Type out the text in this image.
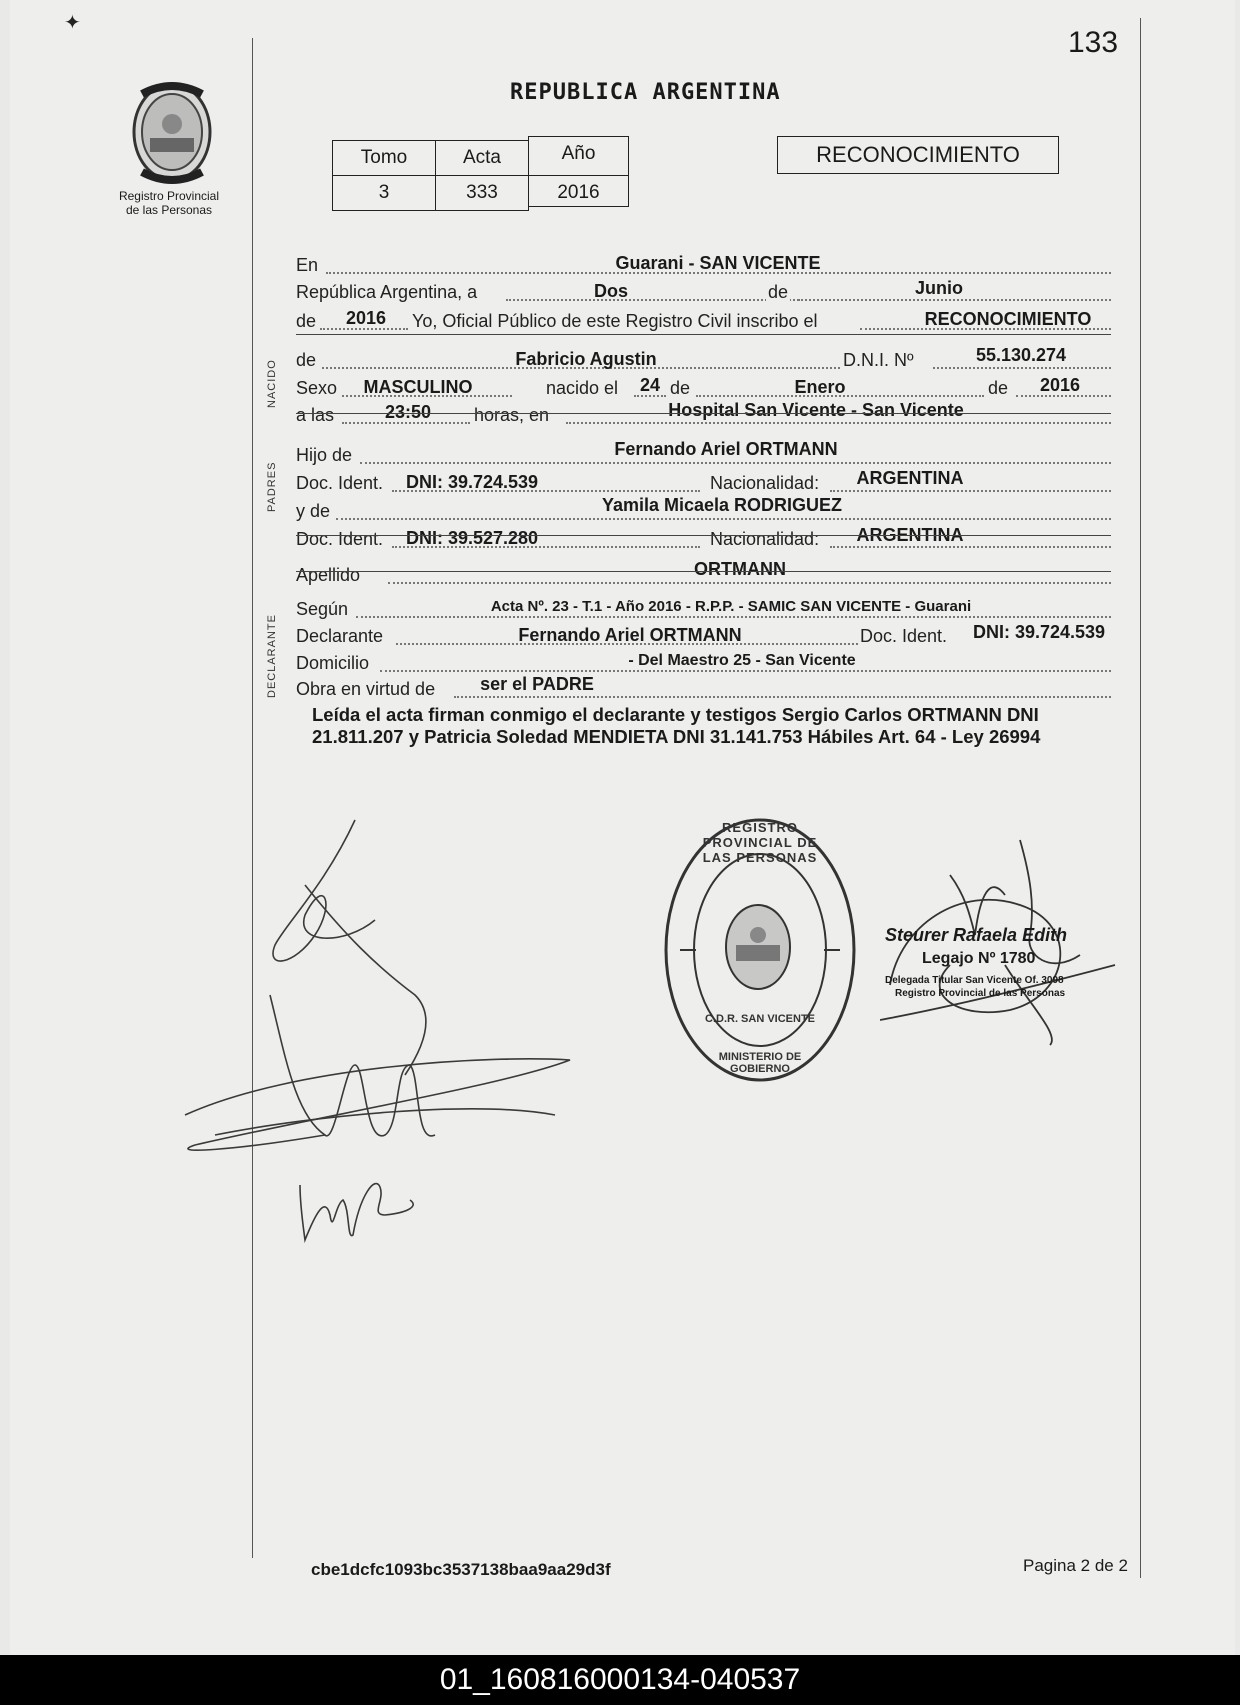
✦
133
Registro Provincial
de las Personas
REPUBLICA ARGENTINA
Tomo	Acta	Año
3	333	2016
RECONOCIMIENTO
En	Guarani - SAN VICENTE
República Argentina, a	Dos	de	Junio
de 2016 Yo, Oficial Público de este Registro Civil inscribo el	RECONOCIMIENTO
de	Fabricio Agustin	D.N.I. Nº	55.130.274
Sexo MASCULINO	nacido el 24 de	Enero	de 2016
a las	23:50 horas, en	Hospital San Vicente - San Vicente
Hijo de	Fernando Ariel ORTMANN
Doc. Ident. DNI: 39.724.539	Nacionalidad: ARGENTINA
y de	Yamila Micaela RODRIGUEZ
Doc. Ident. DNI: 39.527.280	Nacionalidad: ARGENTINA
Apellido	ORTMANN
Según	Acta Nº. 23 - T.1 - Año 2016 - R.P.P. - SAMIC SAN VICENTE - Guarani
Declarante	Fernando Ariel ORTMANN	Doc. Ident. DNI: 39.724.539
Domicilio	- Del Maestro 25 - San Vicente
Obra en virtud de	ser el PADRE
NACIDO
PADRES
DECLARANTE
Leída el acta firman conmigo el declarante y testigos Sergio Carlos ORTMANN DNI 21.811.207 y Patricia Soledad MENDIETA DNI 31.141.753 Hábiles Art. 64 - Ley 26994
REGISTRO PROVINCIAL DE LAS PERSONAS
C.D.R. SAN VICENTE
MINISTERIO DE GOBIERNO
Steurer Rafaela Edith
Legajo Nº 1780
Delegada Titular San Vicente Of. 3098
Registro Provincial de las Personas
cbe1dcfc1093bc3537138baa9aa29d3f	Pagina 2 de 2
01_160816000134-040537
